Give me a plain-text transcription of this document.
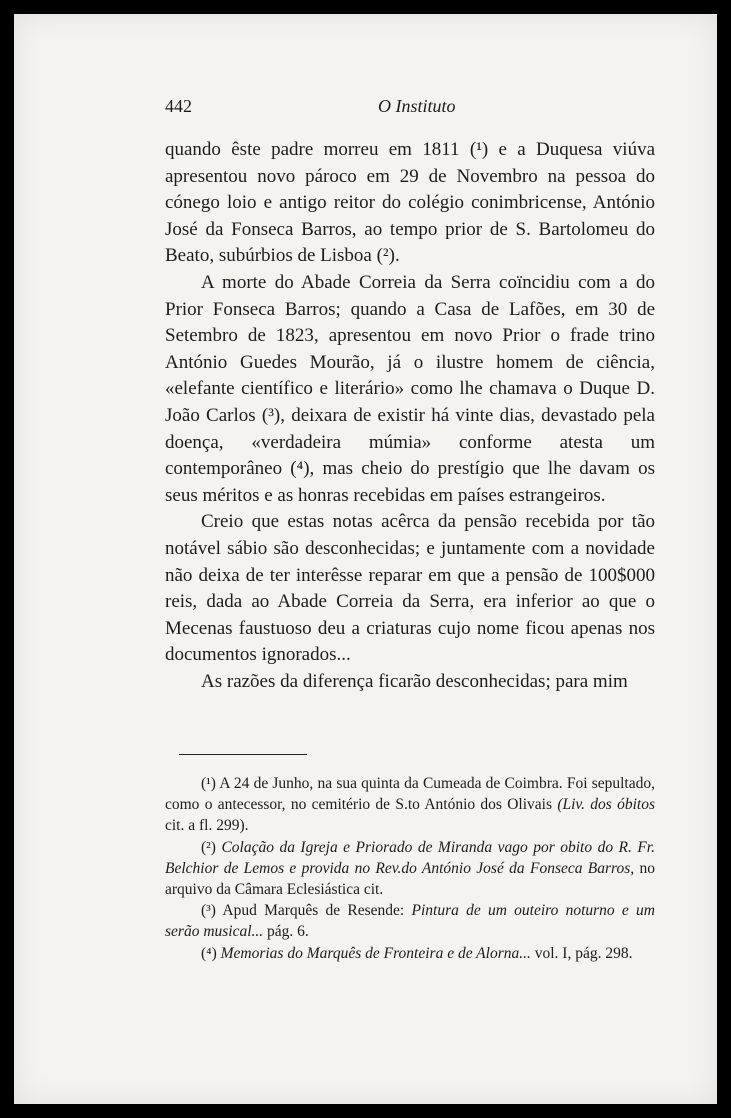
442	O Instituto

quando êste padre morreu em 1811 (¹) e a Duquesa viúva apresentou novo pároco em 29 de Novembro na pessoa do cónego loio e antigo reitor do colégio conimbricense, António José da Fonseca Barros, ao tempo prior de S. Bartolomeu do Beato, subúrbios de Lisboa (²).

A morte do Abade Correia da Serra coïncidiu com a do Prior Fonseca Barros; quando a Casa de Lafões, em 30 de Setembro de 1823, apresentou em novo Prior o frade trino António Guedes Mourão, já o ilustre homem de ciência, «elefante científico e literário» como lhe chamava o Duque D. João Carlos (³), deixara de existir há vinte dias, devastado pela doença, «verdadeira múmia» conforme atesta um contemporâneo (⁴), mas cheio do prestígio que lhe davam os seus méritos e as honras recebidas em países estrangeiros.

Creio que estas notas acêrca da pensão recebida por tão notável sábio são desconhecidas; e juntamente com a novidade não deixa de ter interêsse reparar em que a pensão de 100$000 reis, dada ao Abade Correia da Serra, era inferior ao que o Mecenas faustuoso deu a criaturas cujo nome ficou apenas nos documentos ignorados...

As razões da diferença ficarão desconhecidas; para mim

(¹) A 24 de Junho, na sua quinta da Cumeada de Coimbra. Foi sepultado, como o antecessor, no cemitério de S.to António dos Olivais (Liv. dos óbitos cit. a fl. 299).

(²) Colação da Igreja e Priorado de Miranda vago por obito do R. Fr. Belchior de Lemos e provida no Rev.do António José da Fonseca Barros, no arquivo da Câmara Eclesiástica cit.

(³) Apud Marquês de Resende: Pintura de um outeiro noturno e um serão musical... pág. 6.

(⁴) Memorias do Marquês de Fronteira e de Alorna... vol. I, pág. 298.
